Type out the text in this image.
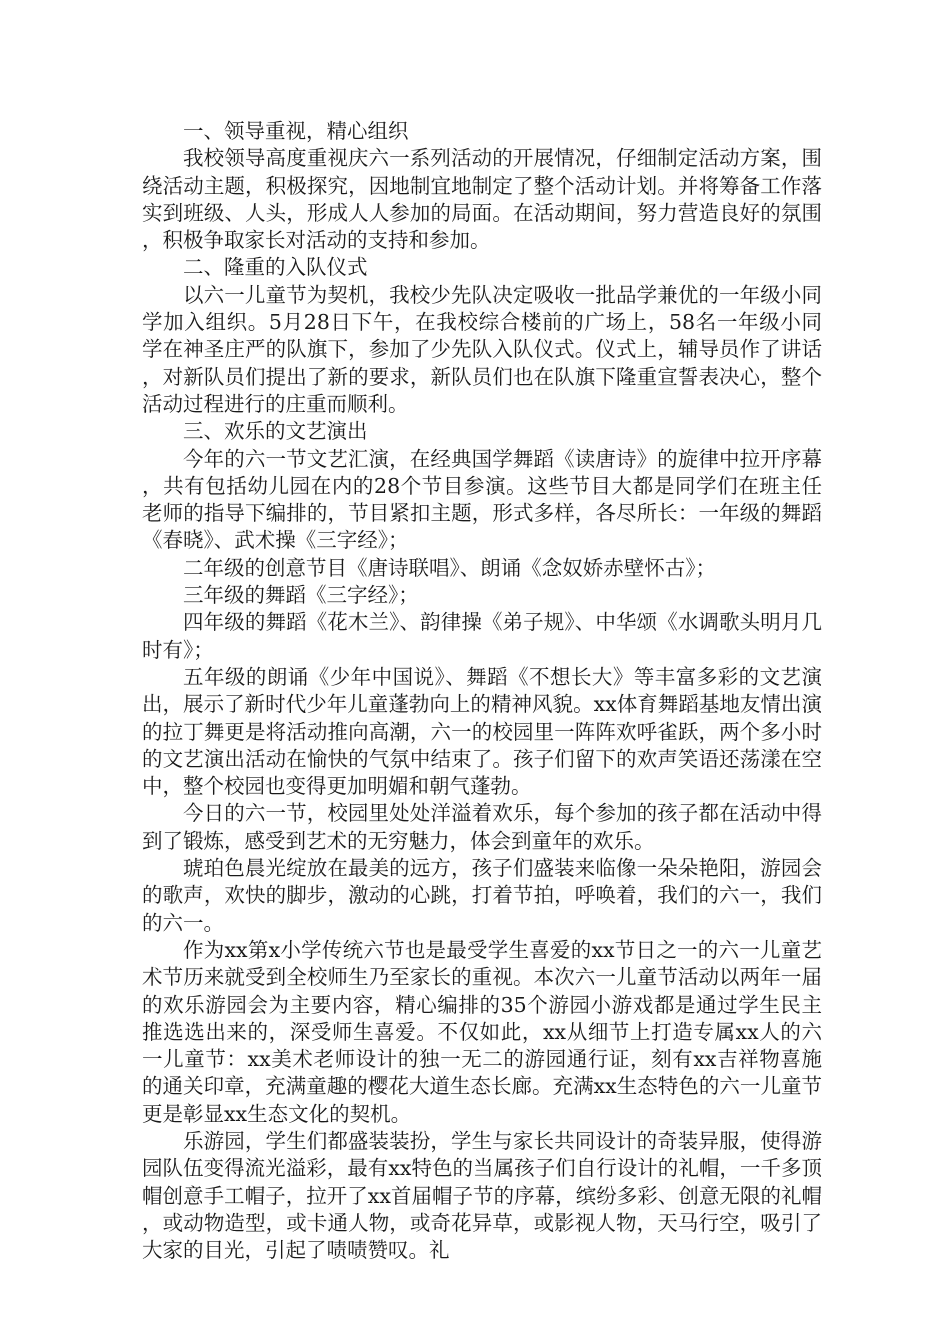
一、领导重视，精心组织

我校领导高度重视庆六一系列活动的开展情况，仔细制定活动方案，围绕活动主题，积极探究，因地制宜地制定了整个活动计划。并将筹备工作落实到班级、人头，形成人人参加的局面。在活动期间，努力营造良好的氛围，积极争取家长对活动的支持和参加。

二、隆重的入队仪式

以六一儿童节为契机，我校少先队决定吸收一批品学兼优的一年级小同学加入组织。5月28日下午，在我校综合楼前的广场上，58名一年级小同学在神圣庄严的队旗下，参加了少先队入队仪式。仪式上，辅导员作了讲话，对新队员们提出了新的要求，新队员们也在队旗下隆重宣誓表决心，整个活动过程进行的庄重而顺利。

三、欢乐的文艺演出

今年的六一节文艺汇演，在经典国学舞蹈《读唐诗》的旋律中拉开序幕，共有包括幼儿园在内的28个节目参演。这些节目大都是同学们在班主任老师的指导下编排的，节目紧扣主题，形式多样，各尽所长：一年级的舞蹈《春晓》、武术操《三字经》；

二年级的创意节目《唐诗联唱》、朗诵《念奴娇赤壁怀古》；

三年级的舞蹈《三字经》；

四年级的舞蹈《花木兰》、韵律操《弟子规》、中华颂《水调歌头明月几时有》；

五年级的朗诵《少年中国说》、舞蹈《不想长大》等丰富多彩的文艺演出，展示了新时代少年儿童蓬勃向上的精神风貌。xx体育舞蹈基地友情出演的拉丁舞更是将活动推向高潮，六一的校园里一阵阵欢呼雀跃，两个多小时的文艺演出活动在愉快的气氛中结束了。孩子们留下的欢声笑语还荡漾在空中，整个校园也变得更加明媚和朝气蓬勃。

今日的六一节，校园里处处洋溢着欢乐，每个参加的孩子都在活动中得到了锻炼，感受到艺术的无穷魅力，体会到童年的欢乐。

琥珀色晨光绽放在最美的远方，孩子们盛装来临像一朵朵艳阳，游园会的歌声，欢快的脚步，激动的心跳，打着节拍，呼唤着，我们的六一，我们的六一。

作为xx第x小学传统六节也是最受学生喜爱的xx节日之一的六一儿童艺术节历来就受到全校师生乃至家长的重视。本次六一儿童节活动以两年一届的欢乐游园会为主要内容，精心编排的35个游园小游戏都是通过学生民主推选选出来的，深受师生喜爱。不仅如此，xx从细节上打造专属xx人的六一儿童节：xx美术老师设计的独一无二的游园通行证，刻有xx吉祥物喜施的通关印章，充满童趣的樱花大道生态长廊。充满xx生态特色的六一儿童节更是彰显xx生态文化的契机。

乐游园，学生们都盛装装扮，学生与家长共同设计的奇装异服，使得游园队伍变得流光溢彩，最有xx特色的当属孩子们自行设计的礼帽，一千多顶帽创意手工帽子，拉开了xx首届帽子节的序幕，缤纷多彩、创意无限的礼帽，或动物造型，或卡通人物，或奇花异草，或影视人物，天马行空，吸引了大家的目光，引起了啧啧赞叹。礼
